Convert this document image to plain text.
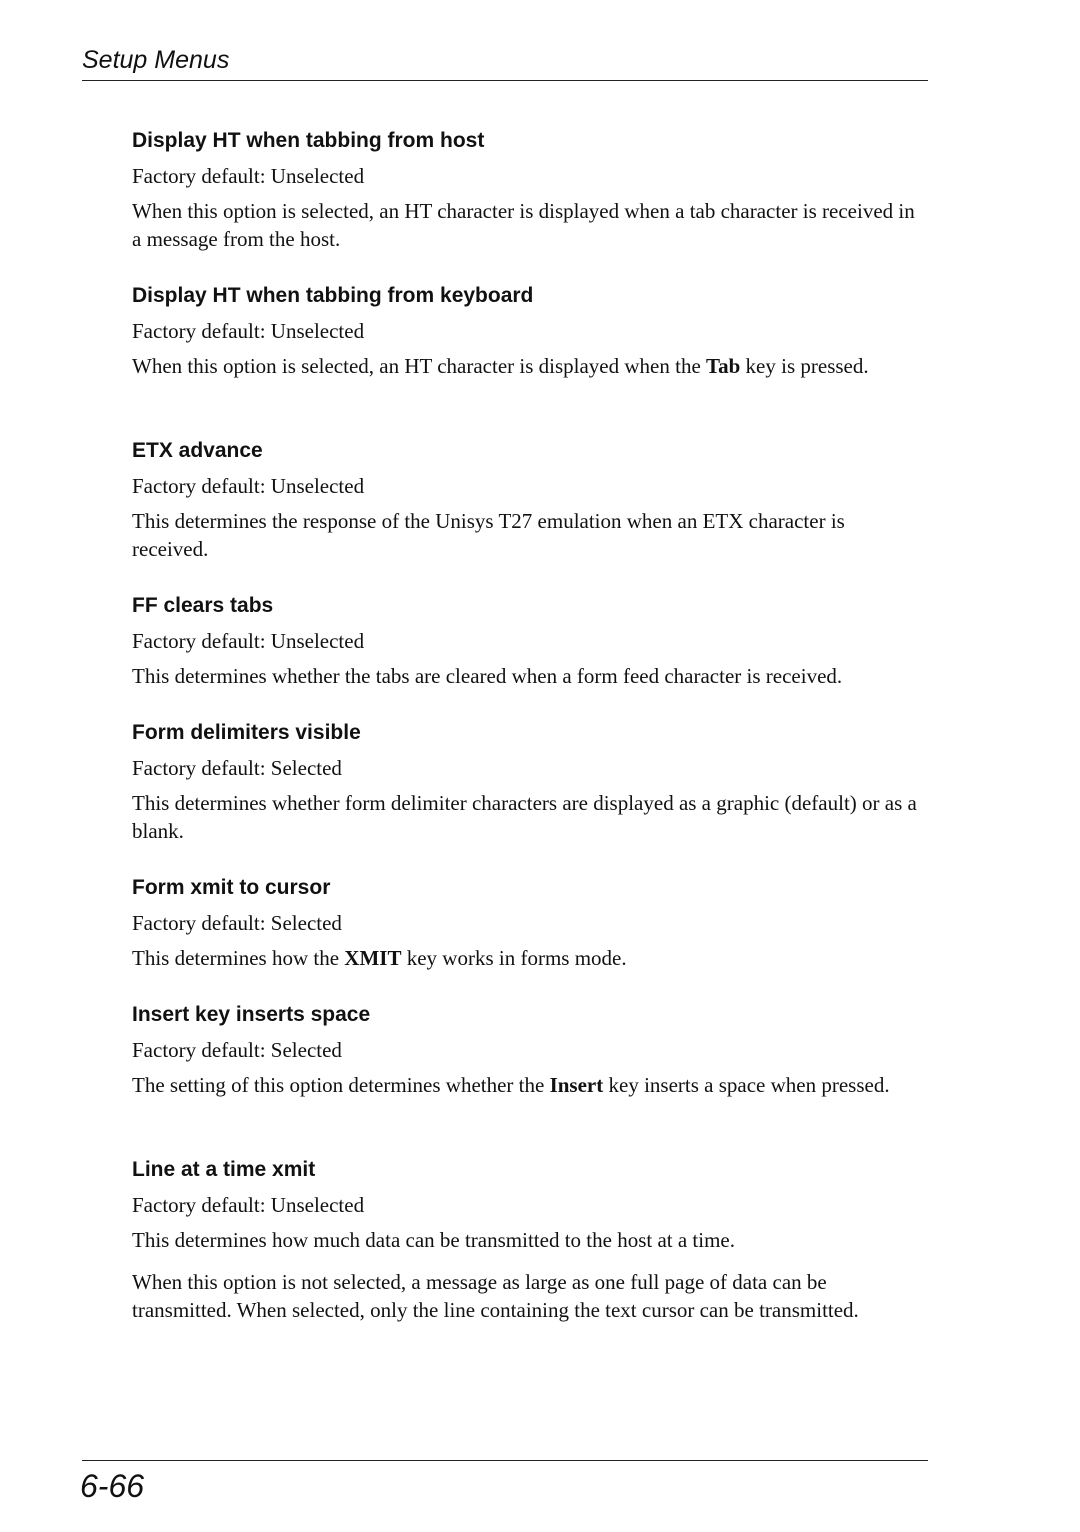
Setup Menus
Display HT when tabbing from host

Factory default: Unselected

When this option is selected, an HT character is displayed when a tab character is received in a message from the host.

Display HT when tabbing from keyboard

Factory default: Unselected

When this option is selected, an HT character is displayed when the Tab key is pressed.

ETX advance

Factory default: Unselected

This determines the response of the Unisys T27 emulation when an ETX character is received.

FF clears tabs

Factory default: Unselected

This determines whether the tabs are cleared when a form feed character is received.

Form delimiters visible

Factory default: Selected

This determines whether form delimiter characters are displayed as a graphic (default) or as a blank.

Form xmit to cursor

Factory default: Selected

This determines how the XMIT key works in forms mode.

Insert key inserts space

Factory default: Selected

The setting of this option determines whether the Insert key inserts a space when pressed.

Line at a time xmit

Factory default: Unselected

This determines how much data can be transmitted to the host at a time.

When this option is not selected, a message as large as one full page of data can be transmitted. When selected, only the line containing the text cursor can be transmitted.

6-66
